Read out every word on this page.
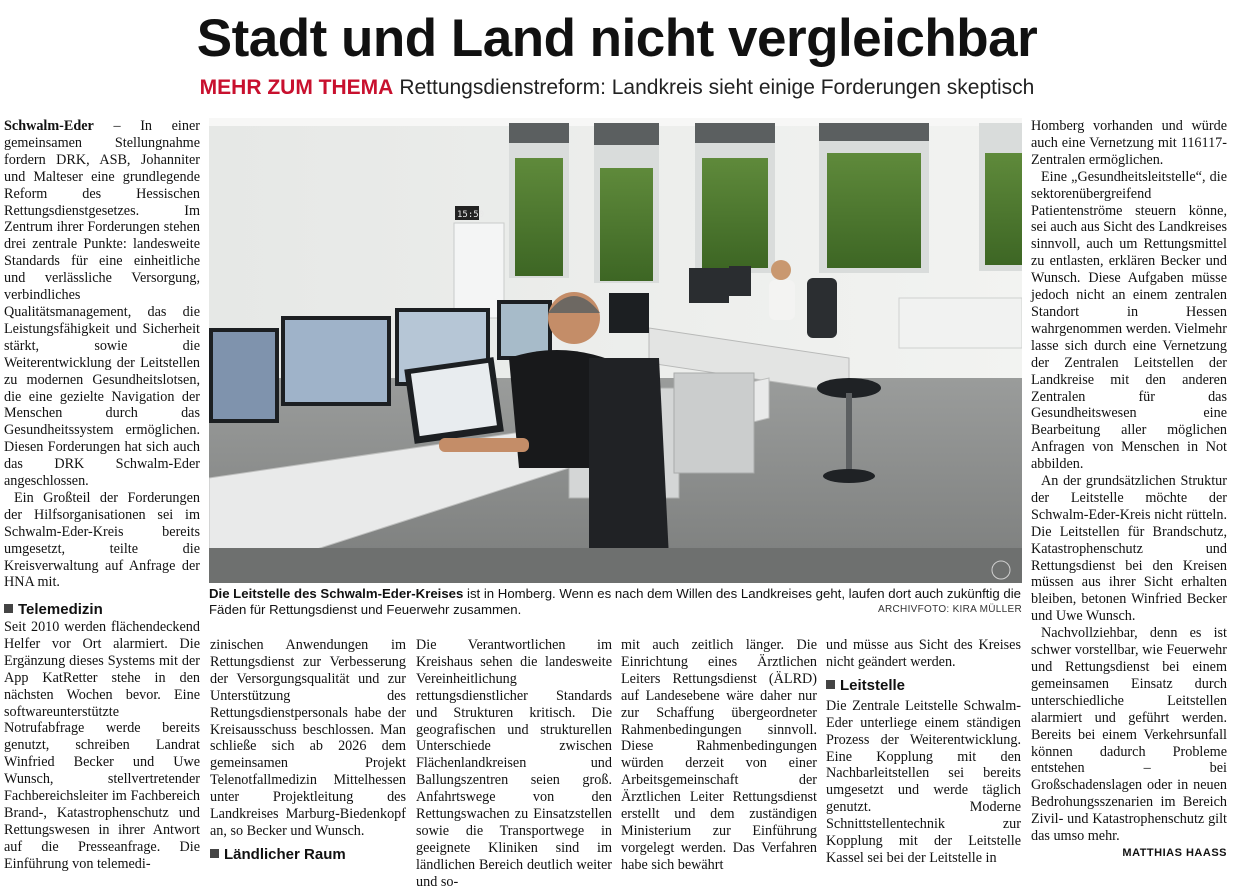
Stadt und Land nicht vergleichbar
MEHR ZUM THEMA Rettungsdienstreform: Landkreis sieht einige Forderungen skeptisch

Schwalm-Eder – In einer gemeinsamen Stellungnahme fordern DRK, ASB, Johanniter und Malteser eine grundlegende Reform des Hessischen Rettungsdienstgesetzes. Im Zentrum ihrer Forderungen stehen drei zentrale Punkte: landesweite Standards für eine einheitliche und verlässliche Versorgung, verbindliches Qualitätsmanagement, das die Leistungsfähigkeit und Sicherheit stärkt, sowie die Weiterentwicklung der Leitstellen zu modernen Gesundheitslotsen, die eine gezielte Navigation der Menschen durch das Gesundheitssystem ermöglichen. Diesen Forderungen hat sich auch das DRK Schwalm-Eder angeschlossen.

Ein Großteil der Forderungen der Hilfsorganisationen sei im Schwalm-Eder-Kreis bereits umgesetzt, teilte die Kreisverwaltung auf Anfrage der HNA mit.

Telemedizin

Seit 2010 werden flächendeckend Helfer vor Ort alarmiert. Die Ergänzung dieses Systems mit der App KatRetter stehe in den nächsten Wochen bevor. Eine softwareunterstützte Notrufabfrage werde bereits genutzt, schreiben Landrat Winfried Becker und Uwe Wunsch, stellvertretender Fachbereichsleiter im Fachbereich Brand-, Katastrophenschutz und Rettungswesen in ihrer Antwort auf die Presseanfrage. Die Einführung von telemedi-

15:50
Die Leitstelle des Schwalm-Eder-Kreises ist in Homberg. Wenn es nach dem Willen des Landkreises geht, laufen dort auch zukünftig die Fäden für Rettungsdienst und Feuerwehr zusammen.	ARCHIVFOTO: KIRA MÜLLER

zinischen Anwendungen im Rettungsdienst zur Verbesserung der Versorgungsqualität und zur Unterstützung des Rettungsdienstpersonals habe der Kreisausschuss beschlossen. Man schließe sich ab 2026 dem gemeinsamen Projekt Telenotfallmedizin Mittelhessen unter Projektleitung des Landkreises Marburg-Biedenkopf an, so Becker und Wunsch.

Ländlicher Raum

Die Verantwortlichen im Kreishaus sehen die landesweite Vereinheitlichung rettungsdienstlicher Standards und Strukturen kritisch. Die geografischen und strukturellen Unterschiede zwischen Flächenlandkreisen und Ballungszentren seien groß. Anfahrtswege von den Rettungswachen zu Einsatzstellen sowie die Transportwege in geeignete Kliniken sind im ländlichen Bereich deutlich weiter und so-

mit auch zeitlich länger. Die Einrichtung eines Ärztlichen Leiters Rettungsdienst (ÄLRD) auf Landesebene wäre daher nur zur Schaffung übergeordneter Rahmenbedingungen sinnvoll. Diese Rahmenbedingungen würden derzeit von einer Arbeitsgemeinschaft der Ärztlichen Leiter Rettungsdienst erstellt und dem zuständigen Ministerium zur Einführung vorgelegt werden. Das Verfahren habe sich bewährt

und müsse aus Sicht des Kreises nicht geändert werden.

Leitstelle

Die Zentrale Leitstelle Schwalm-Eder unterliege einem ständigen Prozess der Weiterentwicklung. Eine Kopplung mit den Nachbarleitstellen sei bereits umgesetzt und werde täglich genutzt. Moderne Schnittstellentechnik zur Kopplung mit der Leitstelle Kassel sei bei der Leitstelle in

Homberg vorhanden und würde auch eine Vernetzung mit 116117-Zentralen ermöglichen.

Eine „Gesundheitsleitstelle“, die sektorenübergreifend Patientenströme steuern könne, sei auch aus Sicht des Landkreises sinnvoll, auch um Rettungsmittel zu entlasten, erklären Becker und Wunsch. Diese Aufgaben müsse jedoch nicht an einem zentralen Standort in Hessen wahrgenommen werden. Vielmehr lasse sich durch eine Vernetzung der Zentralen Leitstellen der Landkreise mit den anderen Zentralen für das Gesundheitswesen eine Bearbeitung aller möglichen Anfragen von Menschen in Not abbilden.

An der grundsätzlichen Struktur der Leitstelle möchte der Schwalm-Eder-Kreis nicht rütteln. Die Leitstellen für Brandschutz, Katastrophenschutz und Rettungsdienst bei den Kreisen müssen aus ihrer Sicht erhalten bleiben, betonen Winfried Becker und Uwe Wunsch.

Nachvollziehbar, denn es ist schwer vorstellbar, wie Feuerwehr und Rettungsdienst bei einem gemeinsamen Einsatz durch unterschiedliche Leitstellen alarmiert und geführt werden. Bereits bei einem Verkehrsunfall können dadurch Probleme entstehen – bei Großschadenslagen oder in neuen Bedrohungsszenarien im Bereich Zivil- und Katastrophenschutz gilt das umso mehr.

MATTHIAS HAASS
